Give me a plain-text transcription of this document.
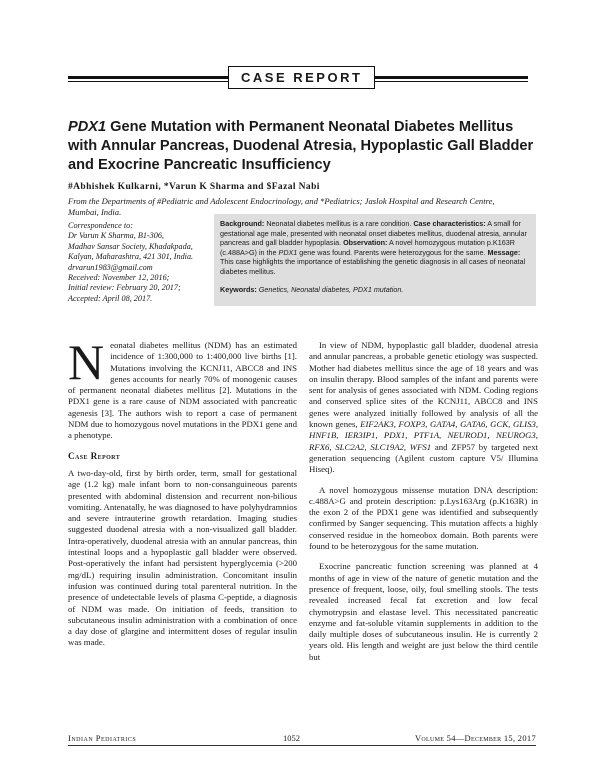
CASE REPORT
PDX1 Gene Mutation with Permanent Neonatal Diabetes Mellitus with Annular Pancreas, Duodenal Atresia, Hypoplastic Gall Bladder and Exocrine Pancreatic Insufficiency
#Abhishek Kulkarni, *Varun K Sharma and $Fazal Nabi
From the Departments of #Pediatric and Adolescent Endocrinology, and *Pediatrics; Jaslok Hospital and Research Centre, Mumbai, India.

Correspondence to:

Dr Varun K Sharma, B1-306,

Madhav Sansar Society, Khadakpada,

Kalyan, Maharashtra, 421 301, India.

drvarun1983@gmail.com

Received: November 12, 2016;

Initial review: February 20, 2017;

Accepted: April 08, 2017.

Background: Neonatal diabetes mellitus is a rare condition. Case characteristics: A small for gestational age male, presented with neonatal onset diabetes mellitus, duodenal atresia, annular pancreas and gall bladder hypoplasia. Observation: A novel homozygous mutation p.K163R (c.488A>G) in the PDX1 gene was found. Parents were heterozygous for the same. Message: This case highlights the importance of establishing the genetic diagnosis in all cases of neonatal diabetes mellitus.
Keywords: Genetics, Neonatal diabetes, PDX1 mutation.

Neonatal diabetes mellitus (NDM) has an estimated incidence of 1:300,000 to 1:400,000 live births [1]. Mutations involving the KCNJ11, ABCC8 and INS genes accounts for nearly 70% of monogenic causes of permanent neonatal diabetes mellitus [2]. Mutations in the PDX1 gene is a rare cause of NDM associated with pancreatic agenesis [3]. The authors wish to report a case of permanent NDM due to homozygous novel mutations in the PDX1 gene and a phenotype.

Case Report

A two-day-old, first by birth order, term, small for gestational age (1.2 kg) male infant born to non-consanguineous parents presented with abdominal distension and recurrent non-bilious vomiting. Antenatally, he was diagnosed to have polyhydramnios and severe intrauterine growth retardation. Imaging studies suggested duodenal atresia with a non-visualized gall bladder. Intra-operatively, duodenal atresia with an annular pancreas, thin intestinal loops and a hypoplastic gall bladder were observed. Post-operatively the infant had persistent hyperglycemia (>200 mg/dL) requiring insulin administration. Concomitant insulin infusion was continued during total parenteral nutrition. In the presence of undetectable levels of plasma C-peptide, a diagnosis of NDM was made. On initiation of feeds, transition to subcutaneous insulin administration with a combination of once a day dose of glargine and intermittent doses of regular insulin was made.

In view of NDM, hypoplastic gall bladder, duodenal atresia and annular pancreas, a probable genetic etiology was suspected. Mother had diabetes mellitus since the age of 18 years and was on insulin therapy. Blood samples of the infant and parents were sent for analysis of genes associated with NDM. Coding regions and conserved splice sites of the KCNJ11, ABCC8 and INS genes were analyzed initially followed by analysis of all the known genes, EIF2AK3, FOXP3, GATA4, GATA6, GCK, GLIS3, HNF1B, IER3IP1, PDX1, PTF1A, NEUROD1, NEUROG3, RFX6, SLC2A2, SLC19A2, WFS1 and ZFP57 by targeted next generation sequencing (Agilent custom capture V5/ Illumina Hiseq).

A novel homozygous missense mutation DNA description: c.488A>G and protein description: p.Lys163Arg (p.K163R) in the exon 2 of the PDX1 gene was identified and subsequently confirmed by Sanger sequencing. This mutation affects a highly conserved residue in the homeobox domain. Both parents were found to be heterozygous for the same mutation.

Exocrine pancreatic function screening was planned at 4 months of age in view of the nature of genetic mutation and the presence of frequent, loose, oily, foul smelling stools. The tests revealed increased fecal fat excretion and low fecal chymotrypsin and elastase level. This necessitated pancreatic enzyme and fat-soluble vitamin supplements in addition to the daily multiple doses of subcutaneous insulin. He is currently 2 years old. His length and weight are just below the third centile but

Indian Pediatrics	1052	Volume 54—December 15, 2017
